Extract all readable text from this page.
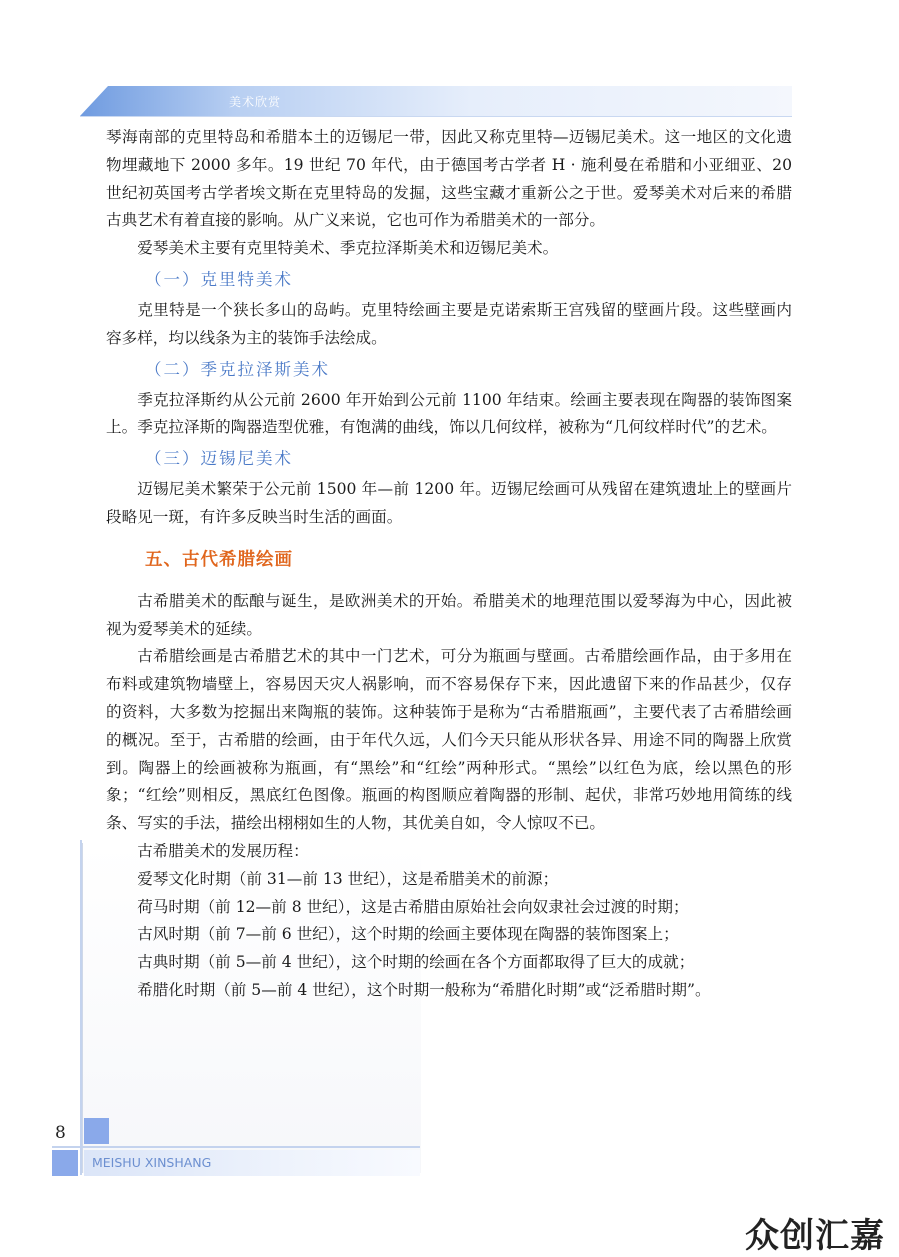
美术欣赏

琴海南部的克里特岛和希腊本土的迈锡尼一带，因此又称克里特—迈锡尼美术。这一地区的文化遗物埋藏地下 2000 多年。19 世纪 70 年代，由于德国考古学者 H · 施利曼在希腊和小亚细亚、20 世纪初英国考古学者埃文斯在克里特岛的发掘，这些宝藏才重新公之于世。爱琴美术对后来的希腊古典艺术有着直接的影响。从广义来说，它也可作为希腊美术的一部分。

爱琴美术主要有克里特美术、季克拉泽斯美术和迈锡尼美术。

（一）克里特美术

克里特是一个狭长多山的岛屿。克里特绘画主要是克诺索斯王宫残留的壁画片段。这些壁画内容多样，均以线条为主的装饰手法绘成。

（二）季克拉泽斯美术

季克拉泽斯约从公元前 2600 年开始到公元前 1100 年结束。绘画主要表现在陶器的装饰图案上。季克拉泽斯的陶器造型优雅，有饱满的曲线，饰以几何纹样，被称为“几何纹样时代”的艺术。

（三）迈锡尼美术

迈锡尼美术繁荣于公元前 1500 年—前 1200 年。迈锡尼绘画可从残留在建筑遗址上的壁画片段略见一斑，有许多反映当时生活的画面。

五、古代希腊绘画

古希腊美术的酝酿与诞生，是欧洲美术的开始。希腊美术的地理范围以爱琴海为中心，因此被视为爱琴美术的延续。

古希腊绘画是古希腊艺术的其中一门艺术，可分为瓶画与壁画。古希腊绘画作品，由于多用在布料或建筑物墙壁上，容易因天灾人祸影响，而不容易保存下来，因此遗留下来的作品甚少，仅存的资料，大多数为挖掘出来陶瓶的装饰。这种装饰于是称为“古希腊瓶画”，主要代表了古希腊绘画的概况。至于，古希腊的绘画，由于年代久远，人们今天只能从形状各异、用途不同的陶器上欣赏到。陶器上的绘画被称为瓶画，有“黑绘”和“红绘”两种形式。“黑绘”以红色为底，绘以黑色的形象；“红绘”则相反，黑底红色图像。瓶画的构图顺应着陶器的形制、起伏，非常巧妙地用简练的线条、写实的手法，描绘出栩栩如生的人物，其优美自如，令人惊叹不已。

古希腊美术的发展历程：

爱琴文化时期（前 31—前 13 世纪），这是希腊美术的前源；

荷马时期（前 12—前 8 世纪），这是古希腊由原始社会向奴隶社会过渡的时期；

古风时期（前 7—前 6 世纪），这个时期的绘画主要体现在陶器的装饰图案上；

古典时期（前 5—前 4 世纪），这个时期的绘画在各个方面都取得了巨大的成就；

希腊化时期（前 5—前 4 世纪），这个时期一般称为“希腊化时期”或“泛希腊时期”。

8
MEISHU XINSHANG
众创汇嘉
